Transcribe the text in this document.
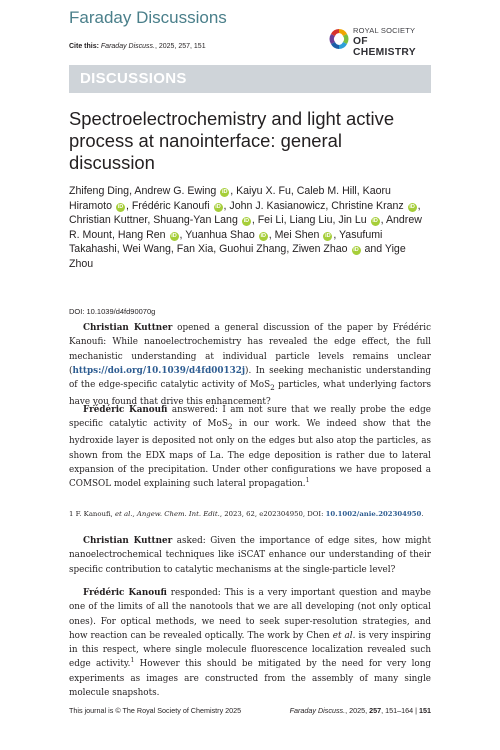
Faraday Discussions
Cite this: Faraday Discuss., 2025, 257, 151
ROYAL SOCIETY
OF CHEMISTRY
DISCUSSIONS
Spectroelectrochemistry and light active process at nanointerface: general discussion
Zhifeng Ding, Andrew G. Ewing iD , Kaiyu X. Fu, Caleb M. Hill, Kaoru Hiramoto iD , Frédéric Kanoufi iD , John J. Kasianowicz, Christine Kranz iD , Christian Kuttner, Shuang-Yan Lang iD , Fei Li, Liang Liu, Jin Lu iD , Andrew R. Mount, Hang Ren iD , Yuanhua Shao iD , Mei Shen iD , Yasufumi Takahashi, Wei Wang, Fan Xia, Guohui Zhang, Ziwen Zhao iD and Yige Zhou
DOI: 10.1039/d4fd90070g
Christian Kuttner opened a general discussion of the paper by Frédéric Kanoufi: While nanoelectrochemistry has revealed the edge effect, the full mechanistic understanding at individual particle levels remains unclear (https://doi.org/10.1039/d4fd00132j). In seeking mechanistic understanding of the edge-specific catalytic activity of MoS$_2$ particles, what underlying factors have you found that drive this enhancement?
Frédéric Kanoufi answered: I am not sure that we really probe the edge specific catalytic activity of MoS$_2$ in our work. We indeed show that the hydroxide layer is deposited not only on the edges but also atop the particles, as shown from the EDX maps of La. The edge deposition is rather due to lateral expansion of the precipitation. Under other configurations we have proposed a COMSOL model explaining such lateral propagation.$^1$
1 F. Kanoufi, et al., Angew. Chem. Int. Edit., 2023, 62, e202304950, DOI: 10.1002/anie.202304950.
Christian Kuttner asked: Given the importance of edge sites, how might nanoelectrochemical techniques like iSCAT enhance our understanding of their specific contribution to catalytic mechanisms at the single-particle level?
Frédéric Kanoufi responded: This is a very important question and maybe one of the limits of all the nanotools that we are all developing (not only optical ones). For optical methods, we need to seek super-resolution strategies, and how reaction can be revealed optically. The work by Chen et al. is very inspiring in this respect, where single molecule fluorescence localization revealed such edge activity.$^1$ However this should be mitigated by the need for very long experiments as images are constructed from the assembly of many single molecule snapshots.
This journal is © The Royal Society of Chemistry 2025	Faraday Discuss., 2025, 257, 151–164 | 151
